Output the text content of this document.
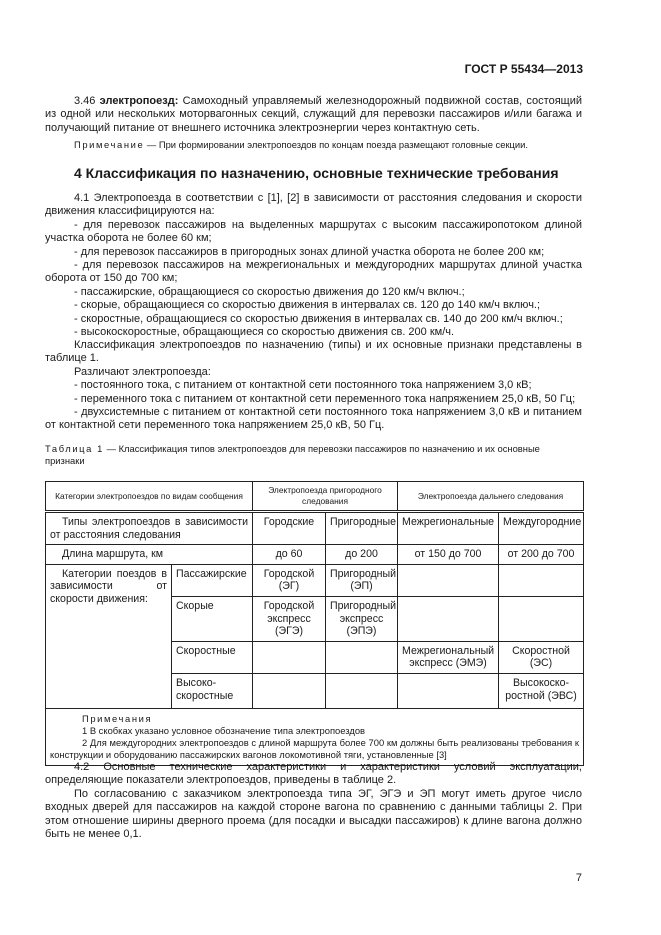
ГОСТ Р 55434—2013
3.46 электропоезд: Самоходный управляемый железнодорожный подвижной состав, состоящий из одной или нескольких моторвагонных секций, служащий для перевозки пассажиров и/или багажа и получающий питание от внешнего источника электроэнергии через контактную сеть.
Примечание — При формировании электропоездов по концам поезда размещают головные секции.
4 Классификация по назначению, основные технические требования
4.1 Электропоезда в соответствии с [1], [2] в зависимости от расстояния следования и скорости движения классифицируются на:
- для перевозок пассажиров на выделенных маршрутах с высоким пассажиропотоком длиной участка оборота не более 60 км;
- для перевозок пассажиров в пригородных зонах длиной участка оборота не более 200 км;
- для перевозок пассажиров на межрегиональных и междугородних маршрутах длиной участка оборота от 150 до 700 км;
- пассажирские, обращающиеся со скоростью движения до 120 км/ч включ.;
- скорые, обращающиеся со скоростью движения в интервалах св. 120 до 140 км/ч включ.;
- скоростные, обращающиеся со скоростью движения в интервалах св. 140 до 200 км/ч включ.;
- высокоскоростные, обращающиеся со скоростью движения св. 200 км/ч.
Классификация электропоездов по назначению (типы) и их основные признаки представлены в таблице 1.
Различают электропоезда:
- постоянного тока, с питанием от контактной сети постоянного тока напряжением 3,0 кВ;
- переменного тока с питанием от контактной сети переменного тока напряжением 25,0 кВ, 50 Гц;
- двухсистемные с питанием от контактной сети постоянного тока напряжением 3,0 кВ и питанием от контактной сети переменного тока напряжением 25,0 кВ, 50 Гц.
Таблица 1 — Классификация типов электропоездов для перевозки пассажиров по назначению и их основные признаки
Категории электропоездов по видам сообщения		Электропоезда пригородного следования		Электропоезда дальнего следования	
Типы электропоездов в зависимости от расстояния следования		Городские	Пригородные	Межрегиональные	Междугородние
Длина маршрута, км		до 60	до 200	от 150 до 700	от 200 до 700
Категории поездов в зависимости от скорости движения:	Пассажирские	Городской (ЭГ)	Пригородный (ЭП)		
	Скорые	Городской экспресс (ЭГЭ)	Пригородный экспресс (ЭПЭ)		
	Скоростные			Межрегиональный экспресс (ЭМЭ)	Скоростной (ЭС)
	Высоко-скоростные				Высокоско-ростной (ЭВС)

Примечания
1 В скобках указано условное обозначение типа электропоездов
2 Для междугородних электропоездов с длиной маршрута более 700 км должны быть реализованы требования к конструкции и оборудованию пассажирских вагонов локомотивной тяги, установленные [3]					
4.2 Основные технические характеристики и характеристики условий эксплуатации, определяющие показатели электропоездов, приведены в таблице 2.
По согласованию с заказчиком электропоезда типа ЭГ, ЭГЭ и ЭП могут иметь другое число входных дверей для пассажиров на каждой стороне вагона по сравнению с данными таблицы 2. При этом отношение ширины дверного проема (для посадки и высадки пассажиров) к длине вагона должно быть не менее 0,1.
7
